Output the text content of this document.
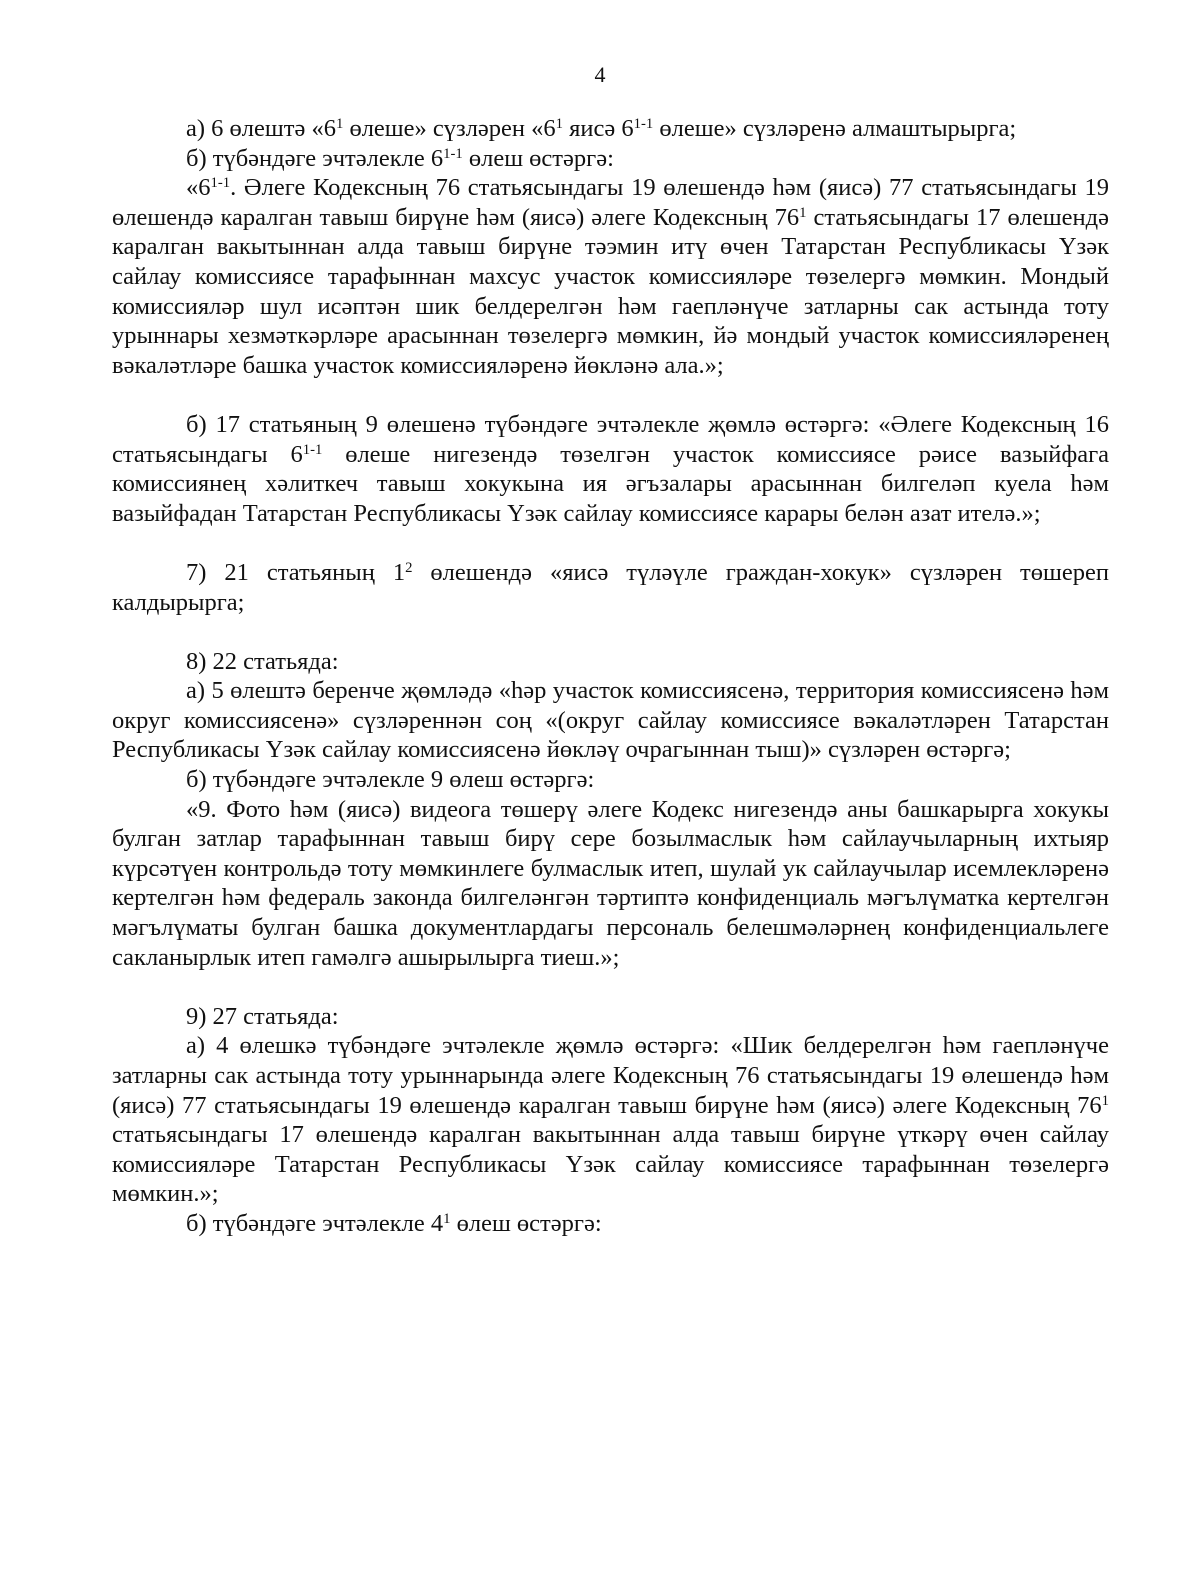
4

а) 6 өлештә «$6^1$ өлеше» сүзләрен «$6^1$ яисә 6$^{1-1}$ өлеше» сүзләренә алмаштырырга;

б) түбәндәге эчтәлекле 6$^{1-1}$ өлеш өстәргә:

«6$^{1-1}$. Әлеге Кодексның 76 статьясындагы 19 өлешендә һәм (яисә) 77 статьясындагы 19 өлешендә каралган тавыш бирүне һәм (яисә) әлеге Кодексның $76^1$ статьясындагы 17 өлешендә каралган вакытыннан алда тавыш бирүне тәэмин итү өчен Татарстан Республикасы Үзәк сайлау комиссиясе тарафыннан махсус участок комиссияләре төзелергә мөмкин. Мондый комиссияләр шул исәптән шик белдерелгән һәм гаепләнүче затларны сак астында тоту урыннары хезмәткәрләре арасыннан төзелергә мөмкин, йә мондый участок комиссияләренең вәкаләтләре башка участок комиссияләренә йөкләнә ала.»;

б) 17 статьяның 9 өлешенә түбәндәге эчтәлекле җөмлә өстәргә: «Әлеге Кодексның 16 статьясындагы 6$^{1-1}$ өлеше нигезендә төзелгән участок комиссиясе рәисе вазыйфага комиссиянең хәлиткеч тавыш хокукына ия әгъзалары арасыннан билгеләп куела һәм вазыйфадан Татарстан Республикасы Үзәк сайлау комиссиясе карары белән азат ителә.»;

7) 21 статьяның $1^2$ өлешендә «яисә түләүле граждан-хокук» сүзләрен төшереп калдырырга;

8) 22 статьяда:

а) 5 өлештә беренче җөмләдә «һәр участок комиссиясенә, территория комиссиясенә һәм округ комиссиясенә» сүзләреннән соң «(округ сайлау комиссиясе вәкаләтләрен Татарстан Республикасы Үзәк сайлау комиссиясенә йөкләү очрагыннан тыш)» сүзләрен өстәргә;

б) түбәндәге эчтәлекле 9 өлеш өстәргә:

«9. Фото һәм (яисә) видеога төшерү әлеге Кодекс нигезендә аны башкарырга хокукы булган затлар тарафыннан тавыш бирү сере бозылмаслык һәм сайлаучыларның ихтыяр күрсәтүен контрольдә тоту мөмкинлеге булмаслык итеп, шулай ук сайлаучылар исемлекләренә кертелгән һәм федераль законда билгеләнгән тәртиптә конфиденциаль мәгълүматка кертелгән мәгълүматы булган башка документлардагы персональ белешмәләрнең конфиденциальлеге сакланырлык итеп гамәлгә ашырылырга тиеш.»;

9) 27 статьяда:

а) 4 өлешкә түбәндәге эчтәлекле җөмлә өстәргә: «Шик белдерелгән һәм гаепләнүче затларны сак астында тоту урыннарында әлеге Кодексның 76 статьясындагы 19 өлешендә һәм (яисә) 77 статьясындагы 19 өлешендә каралган тавыш бирүне һәм (яисә) әлеге Кодексның $76^1$ статьясындагы 17 өлешендә каралган вакытыннан алда тавыш бирүне үткәрү өчен сайлау комиссияләре Татарстан Республикасы Үзәк сайлау комиссиясе тарафыннан төзелергә мөмкин.»;

б) түбәндәге эчтәлекле $4^1$ өлеш өстәргә:
